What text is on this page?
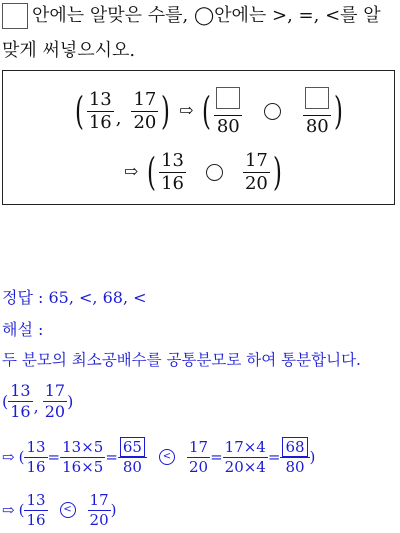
안에는 알맞은 수를, ◯안에는 >, =, <를 알
맞게 써넣으시오.
( $\frac{13}{16}$ , $\frac{17}{20}$ ) ⇨ ( 80	80 )
⇨ ( $\frac{13}{16}$	$\frac{17}{20}$ )
정답 : 65, <, 68, <
해설 :
두 분모의 최소공배수를 공통분모로 하여 통분합니다.
( $\frac{13}{16}$ , $\frac{17}{20}$ )
⇨ ( $\frac{13}{16} = \frac{13\times 5}{16\times 5} = \frac{65}{80}$	< $\frac{17}{20} = \frac{17\times 4}{20\times 4} = \frac{68}{80}$ )
⇨ ( $\frac{13}{16}$	< $\frac{17}{20}$ )
